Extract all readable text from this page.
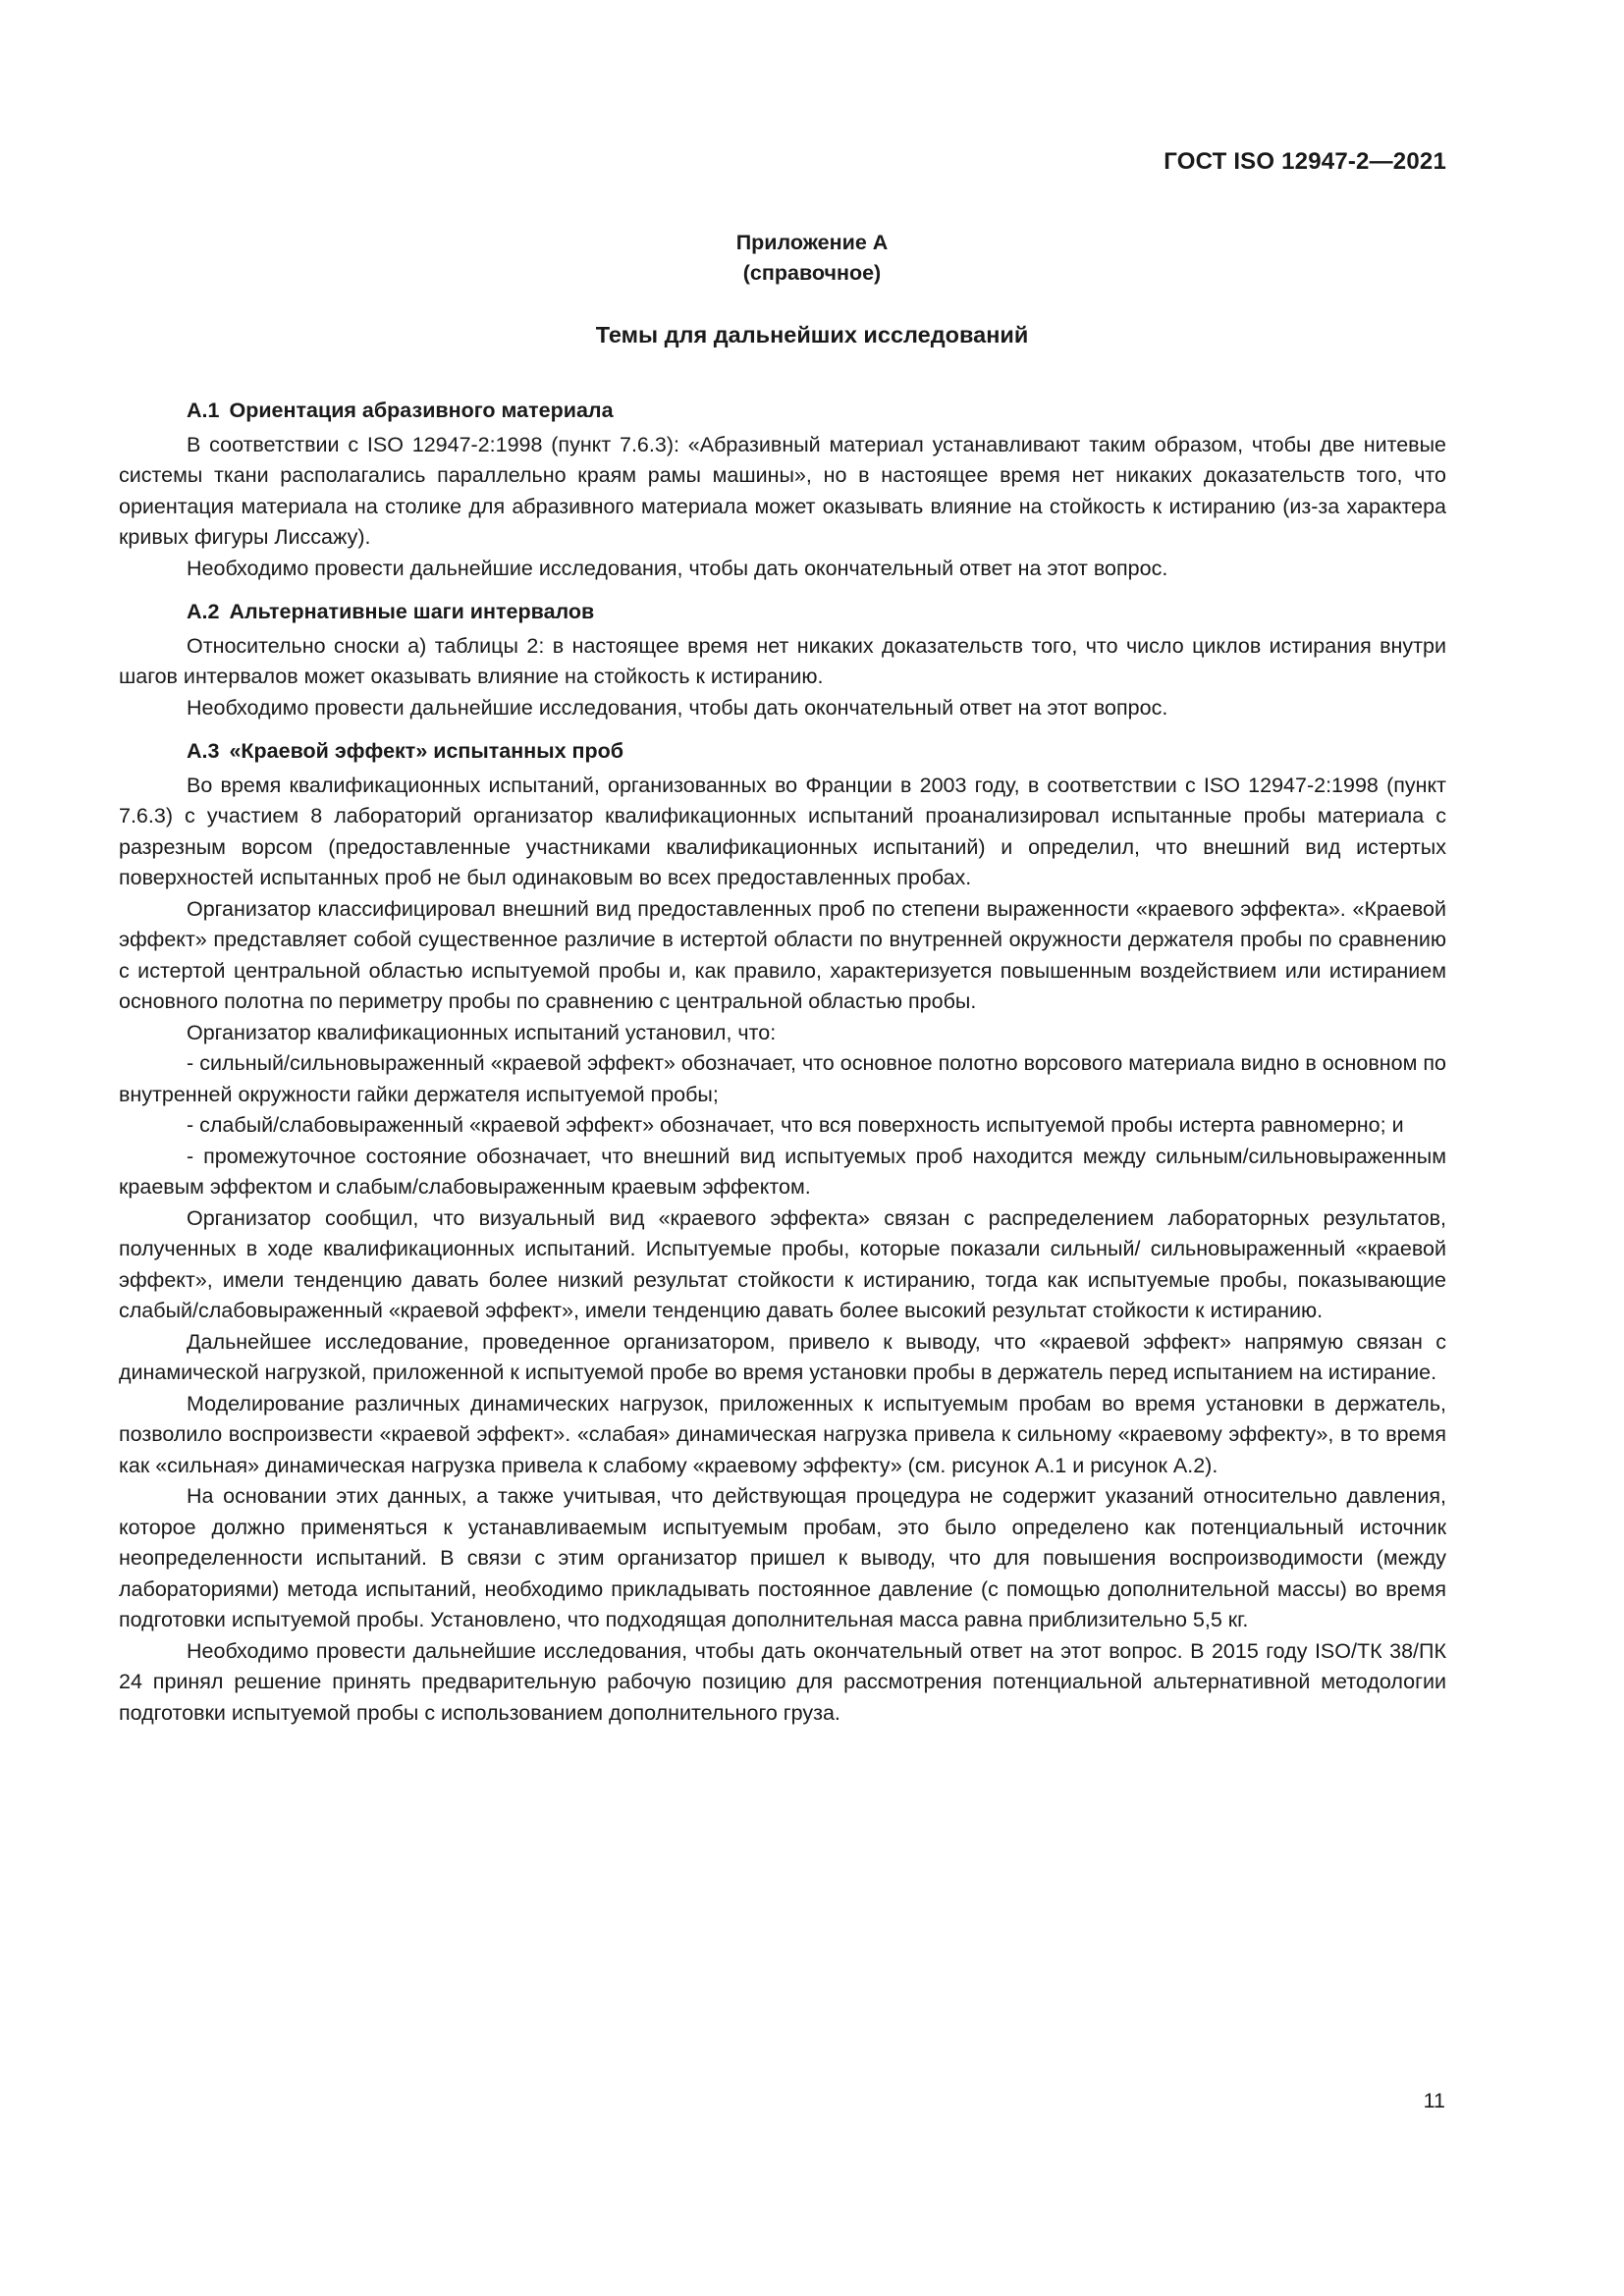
ГОСТ ISO 12947-2—2021
Приложение А
(справочное)
Темы для дальнейших исследований
А.1 Ориентация абразивного материала

В соответствии с ISO 12947-2:1998 (пункт 7.6.3): «Абразивный материал устанавливают таким образом, чтобы две нитевые системы ткани располагались параллельно краям рамы машины», но в настоящее время нет никаких доказательств того, что ориентация материала на столике для абразивного материала может оказывать влияние на стойкость к истиранию (из-за характера кривых фигуры Лиссажу).

Необходимо провести дальнейшие исследования, чтобы дать окончательный ответ на этот вопрос.

А.2 Альтернативные шаги интервалов

Относительно сноски а) таблицы 2: в настоящее время нет никаких доказательств того, что число циклов истирания внутри шагов интервалов может оказывать влияние на стойкость к истиранию.

Необходимо провести дальнейшие исследования, чтобы дать окончательный ответ на этот вопрос.

А.3 «Краевой эффект» испытанных проб

Во время квалификационных испытаний, организованных во Франции в 2003 году, в соответствии с ISO 12947-2:1998 (пункт 7.6.3) с участием 8 лабораторий организатор квалификационных испытаний проанализировал испытанные пробы материала с разрезным ворсом (предоставленные участниками квалификационных испытаний) и определил, что внешний вид истертых поверхностей испытанных проб не был одинаковым во всех предоставленных пробах.

Организатор классифицировал внешний вид предоставленных проб по степени выраженности «краевого эффекта». «Краевой эффект» представляет собой существенное различие в истертой области по внутренней окружности держателя пробы по сравнению с истертой центральной областью испытуемой пробы и, как правило, характеризуется повышенным воздействием или истиранием основного полотна по периметру пробы по сравнению с центральной областью пробы.

Организатор квалификационных испытаний установил, что:

- сильный/сильновыраженный «краевой эффект» обозначает, что основное полотно ворсового материала видно в основном по внутренней окружности гайки держателя испытуемой пробы;

- слабый/слабовыраженный «краевой эффект» обозначает, что вся поверхность испытуемой пробы истерта равномерно; и

- промежуточное состояние обозначает, что внешний вид испытуемых проб находится между сильным/сильновыраженным краевым эффектом и слабым/слабовыраженным краевым эффектом.

Организатор сообщил, что визуальный вид «краевого эффекта» связан с распределением лабораторных результатов, полученных в ходе квалификационных испытаний. Испытуемые пробы, которые показали сильный/ сильновыраженный «краевой эффект», имели тенденцию давать более низкий результат стойкости к истиранию, тогда как испытуемые пробы, показывающие слабый/слабовыраженный «краевой эффект», имели тенденцию давать более высокий результат стойкости к истиранию.

Дальнейшее исследование, проведенное организатором, привело к выводу, что «краевой эффект» напрямую связан с динамической нагрузкой, приложенной к испытуемой пробе во время установки пробы в держатель перед испытанием на истирание.

Моделирование различных динамических нагрузок, приложенных к испытуемым пробам во время установки в держатель, позволило воспроизвести «краевой эффект». «слабая» динамическая нагрузка привела к сильному «краевому эффекту», в то время как «сильная» динамическая нагрузка привела к слабому «краевому эффекту» (см. рисунок А.1 и рисунок А.2).

На основании этих данных, а также учитывая, что действующая процедура не содержит указаний относительно давления, которое должно применяться к устанавливаемым испытуемым пробам, это было определено как потенциальный источник неопределенности испытаний. В связи с этим организатор пришел к выводу, что для повышения воспроизводимости (между лабораториями) метода испытаний, необходимо прикладывать постоянное давление (с помощью дополнительной массы) во время подготовки испытуемой пробы. Установлено, что подходящая дополнительная масса равна приблизительно 5,5 кг.

Необходимо провести дальнейшие исследования, чтобы дать окончательный ответ на этот вопрос. В 2015 году ISO/ТК 38/ПК 24 принял решение принять предварительную рабочую позицию для рассмотрения потенциальной альтернативной методологии подготовки испытуемой пробы с использованием дополнительного груза.

11
